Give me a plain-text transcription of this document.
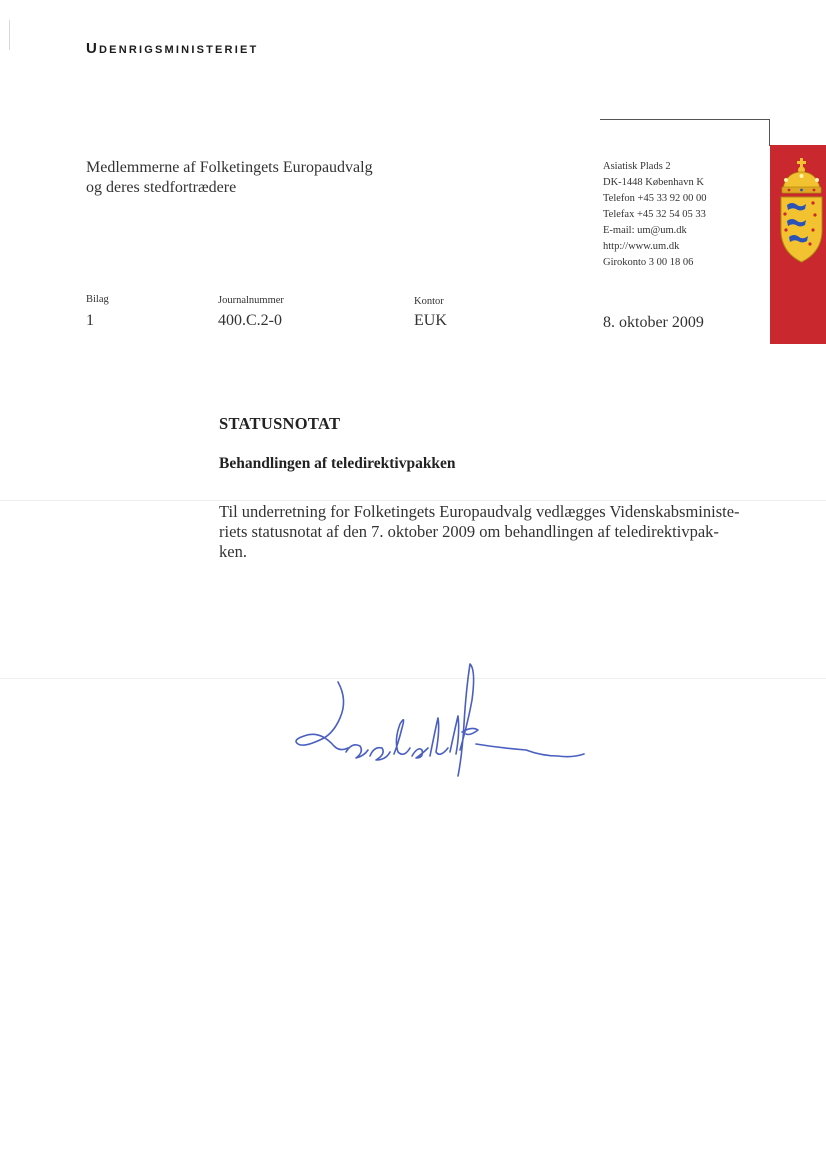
Udenrigsministeriet
Medlemmerne af Folketingets Europaudvalg
og deres stedfortrædere
Asiatisk Plads 2
DK-1448 København K
Telefon +45 33 92 00 00
Telefax +45 32 54 05 33
E-mail: um@um.dk
http://www.um.dk
Girokonto 3 00 18 06
Bilag
1
Journalnummer
400.C.2-0
Kontor
EUK	8. oktober 2009
STATUSNOTAT
Behandlingen af teledirektivpakken
Til underretning for Folketingets Europaudvalg vedlægges Videnskabsministe-
riets statusnotat af den 7. oktober 2009 om behandlingen af teledirektivpak-
ken.
